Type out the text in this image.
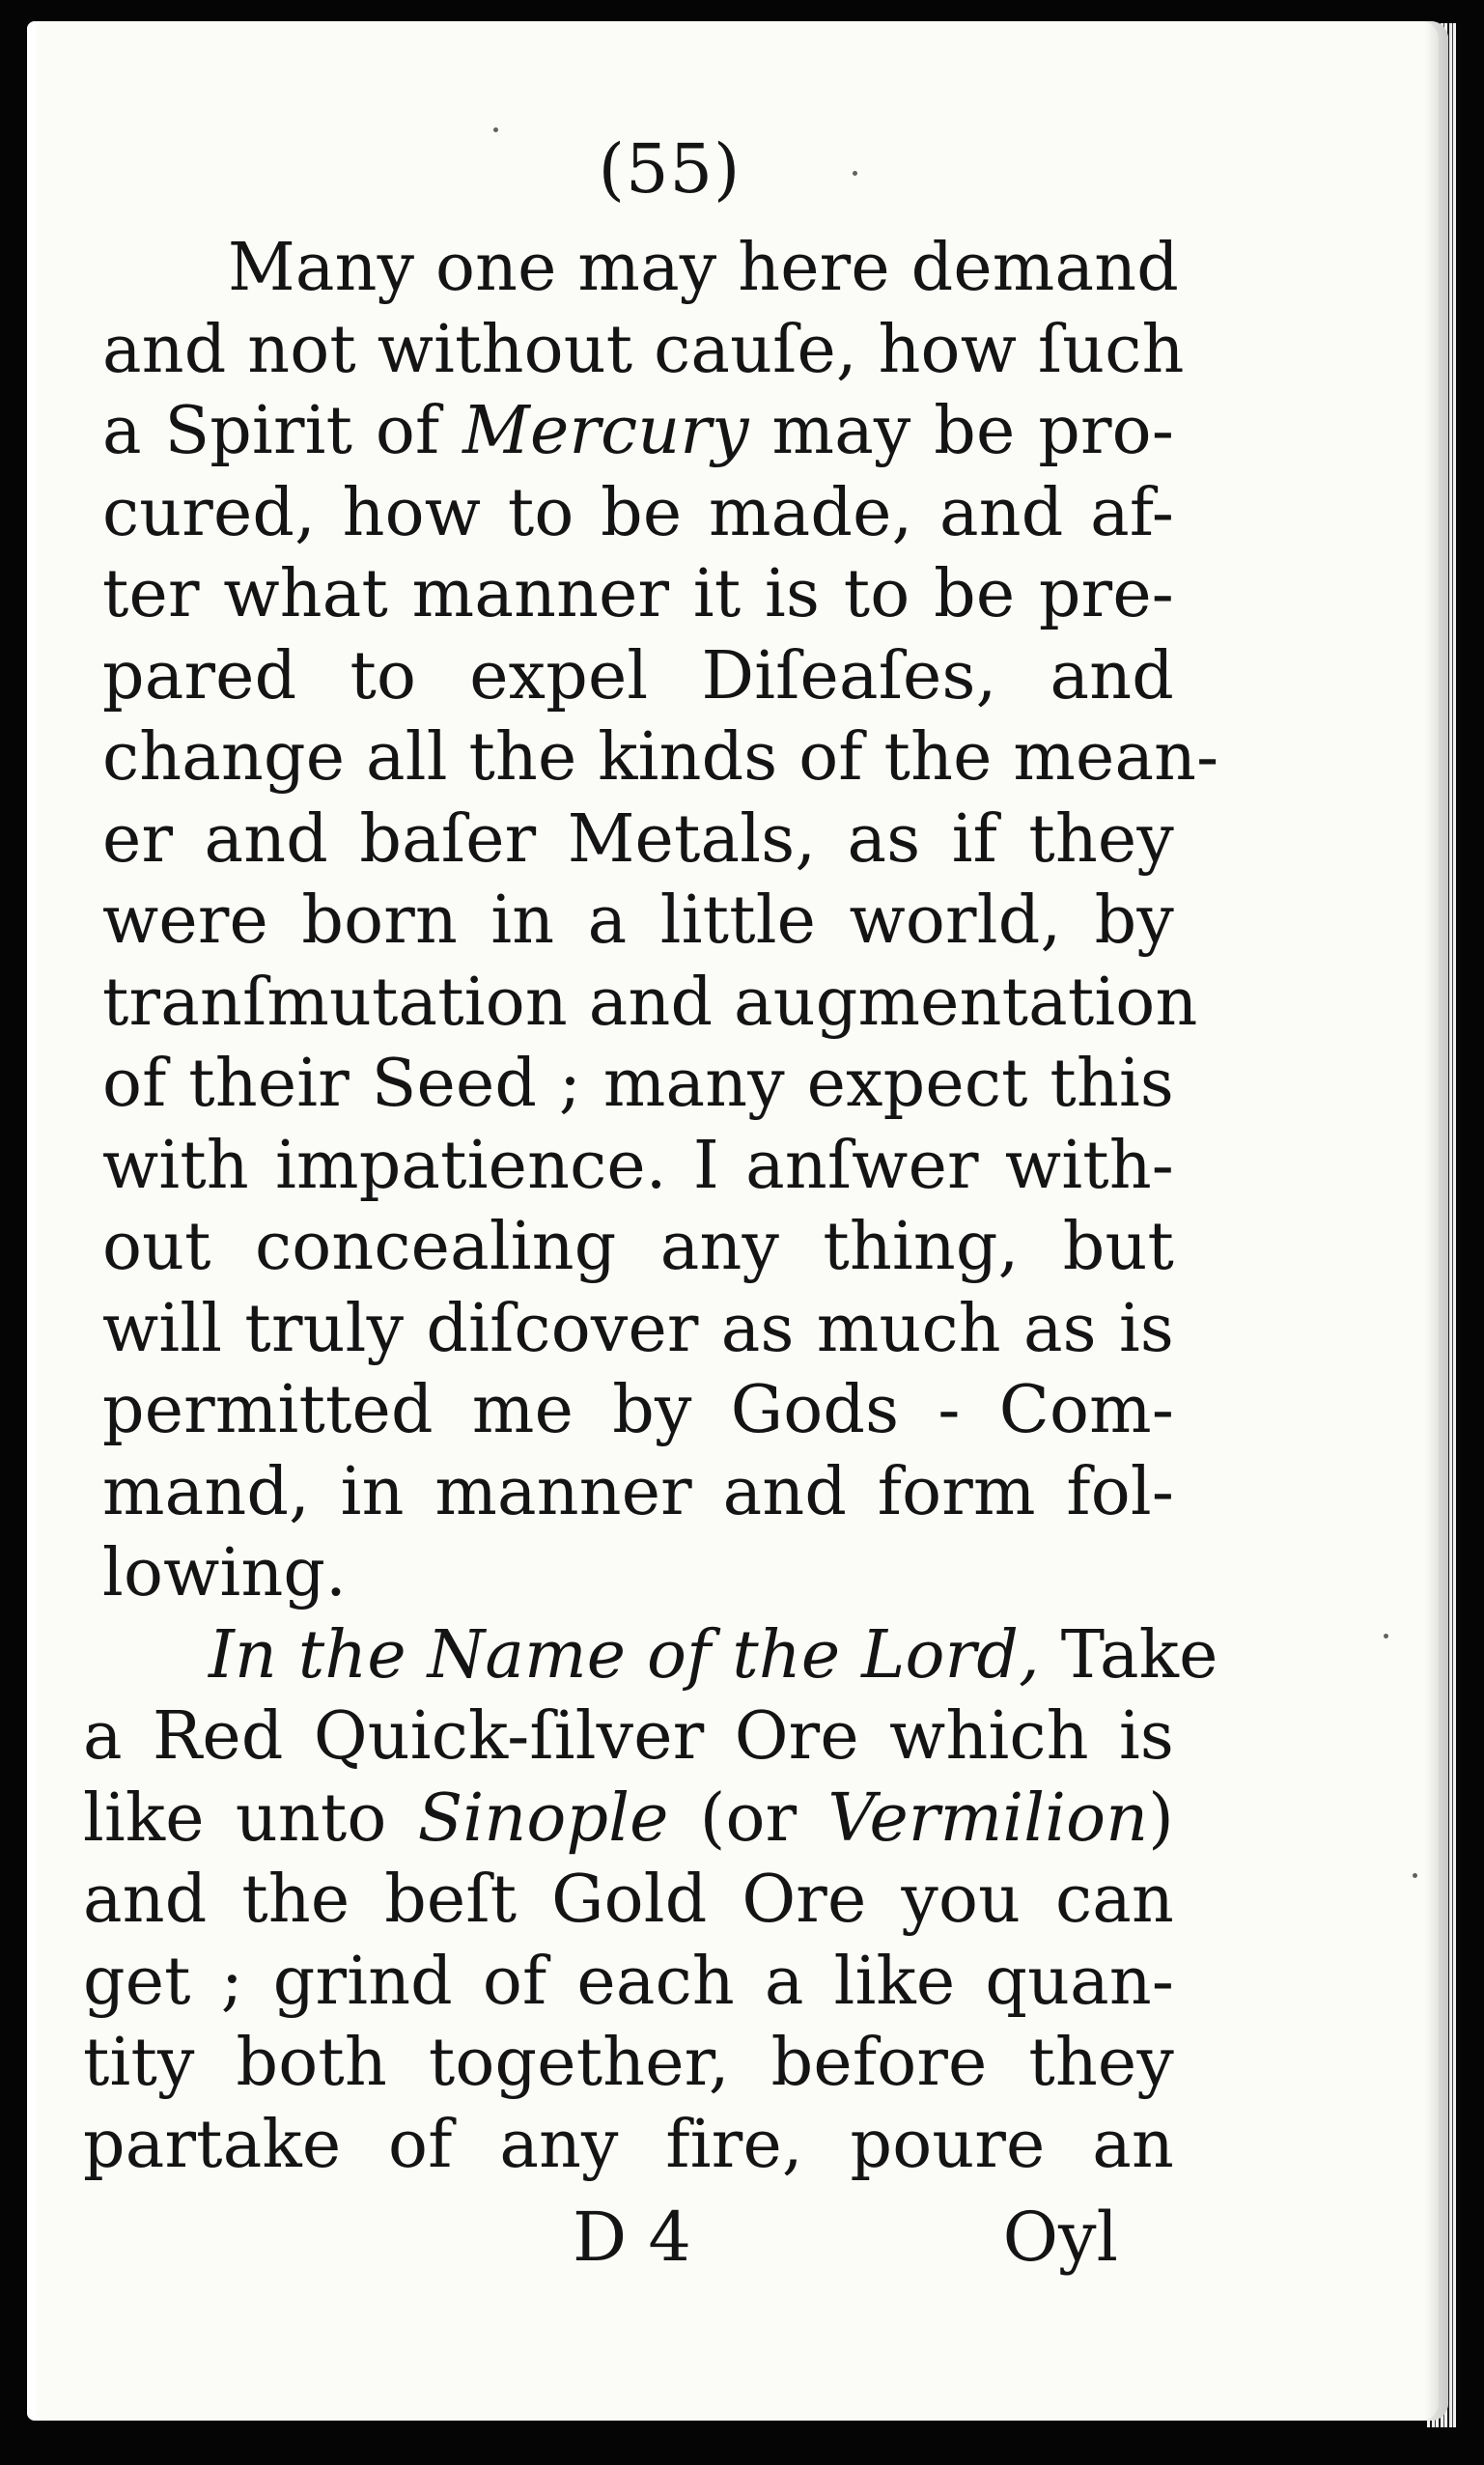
(55)
Many one may here demand
and not without cauſe, how ſuch
a Spirit of Mercury may be pro-
cured, how to be made, and af-
ter what manner it is to be pre-
pared to expel Diſeaſes, and
change all the kinds of the mean-
er and baſer Metals, as if they
were born in a little world, by
tranſmutation and augmentation
of their Seed ; many expect this
with impatience. I anſwer with-
out concealing any thing, but
will truly diſcover as much as is
permitted me by Gods - Com-
mand, in manner and form fol-
lowing.
In the Name of the Lord, Take
a Red Quick-ſilver Ore which is
like unto Sinople (or Vermilion)
and the beſt Gold Ore you can
get ; grind of each a like quan-
tity both together, before they
partake of any fire, poure an
D 4	Oyl
